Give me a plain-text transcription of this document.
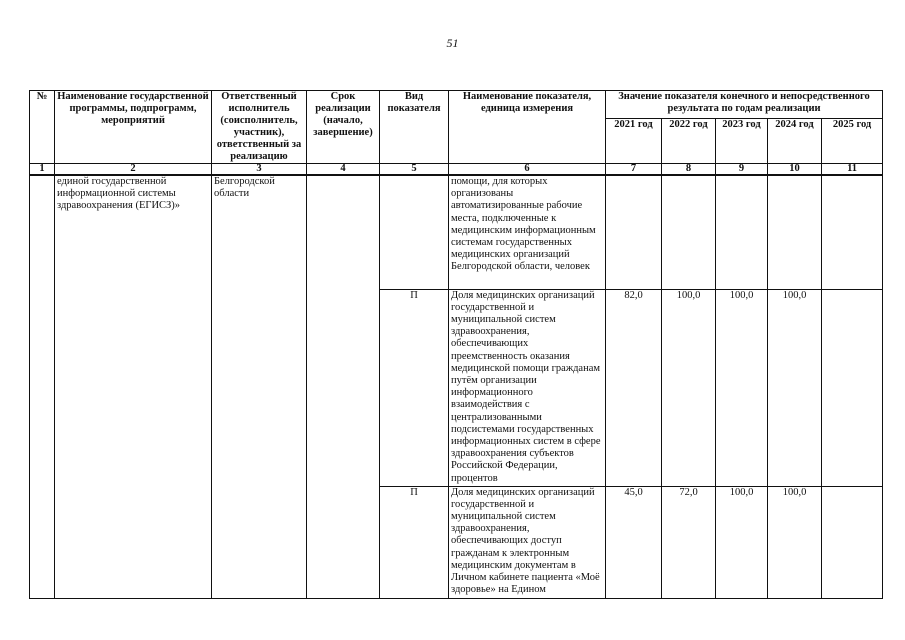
51
№	Наименование государственной программы, подпрограмм, мероприятий	Ответственный исполнитель (соисполнитель, участник), ответственный за реализацию	Срок реализации (начало, завершение)	Вид показателя	Наименование показателя, единица измерения	Значение показателя конечного и непосредственного результата по годам реализации				
						2021 год	2022 год	2023 год	2024 год	2025 год
1	2	3	4	5	6	7	8	9	10	11
	единой государственной информационной системы здравоохранения (ЕГИСЗ)»	Белгородской области			помощи, для которых организованы автоматизированные рабочие места, подключенные к медицинским информационным системам государственных медицинских организаций Белгородской области, человек					
				П	Доля медицинских организаций государственной и муниципальной систем здравоохранения, обеспечивающих преемственность оказания медицинской помощи гражданам путём организации информационного взаимодействия с централизованными подсистемами государственных информационных систем в сфере здравоохранения субъектов Российской Федерации, процентов	82,0	100,0	100,0	100,0	
				П	Доля медицинских организаций государственной и муниципальной систем здравоохранения, обеспечивающих доступ гражданам к электронным медицинским документам в Личном кабинете пациента «Моё здоровье» на Едином	45,0	72,0	100,0	100,0	
